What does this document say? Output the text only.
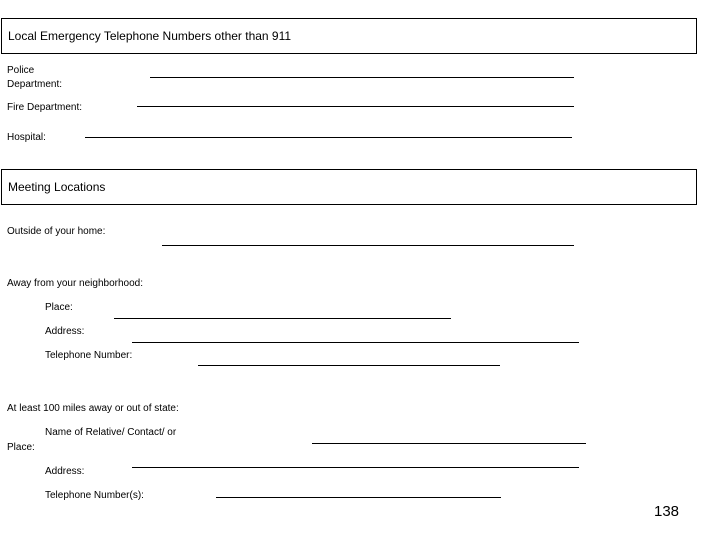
Local Emergency Telephone Numbers other than 911
Police
Department:
Fire Department:
Hospital:
Meeting Locations
Outside of your home:
Away from your neighborhood:
Place:
Address:
Telephone Number:
At least 100 miles away or out of state:
Name of Relative/ Contact/ or
Place:
Address:
Telephone Number(s):
138
